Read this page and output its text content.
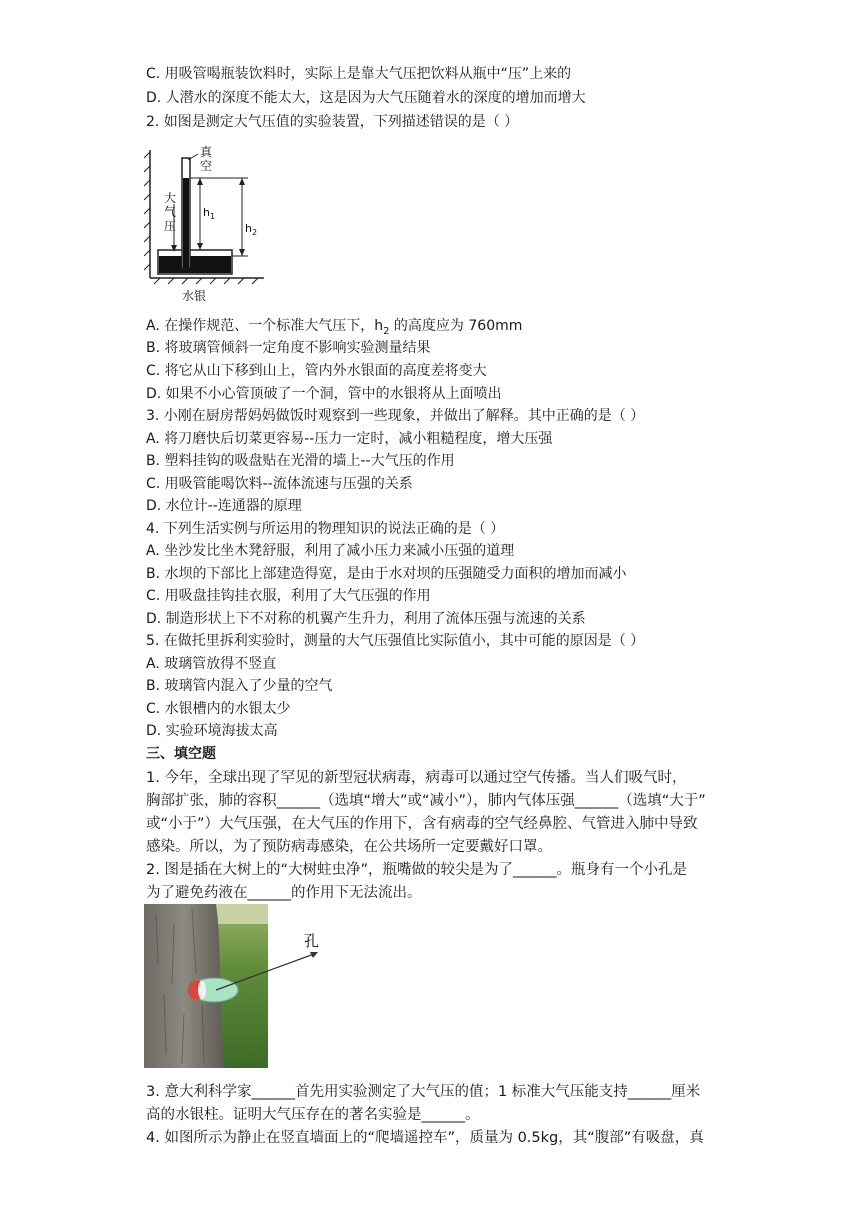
C. 用吸管喝瓶装饮料时，实际上是靠大气压把饮料从瓶中“压”上来的
D. 人潜水的深度不能太大，这是因为大气压随着水的深度的增加而增大
2. 如图是测定大气压值的实验装置，下列描述错误的是（ ）
真
空
大
气
压
h 1
h 2
水银
A. 在操作规范、一个标准大气压下，$h_2$ 的高度应为 760mm
B. 将玻璃管倾斜一定角度不影响实验测量结果
C. 将它从山下移到山上，管内外水银面的高度差将变大
D. 如果不小心管顶破了一个洞，管中的水银将从上面喷出
3. 小刚在厨房帮妈妈做饭时观察到一些现象，并做出了解释。其中正确的是（ ）
A. 将刀磨快后切菜更容易--压力一定时，减小粗糙程度，增大压强
B. 塑料挂钩的吸盘贴在光滑的墙上--大气压的作用
C. 用吸管能喝饮料--流体流速与压强的关系
D. 水位计--连通器的原理
4. 下列生活实例与所运用的物理知识的说法正确的是（ ）
A. 坐沙发比坐木凳舒服，利用了减小压力来减小压强的道理
B. 水坝的下部比上部建造得宽，是由于水对坝的压强随受力面积的增加而减小
C. 用吸盘挂钩挂衣服，利用了大气压强的作用
D. 制造形状上下不对称的机翼产生升力，利用了流体压强与流速的关系
5. 在做托里拆利实验时，测量的大气压强值比实际值小，其中可能的原因是（ ）
A. 玻璃管放得不竖直
B. 玻璃管内混入了少量的空气
C. 水银槽内的水银太少
D. 实验环境海拔太高
三、填空题
1. 今年，全球出现了罕见的新型冠状病毒，病毒可以通过空气传播。当人们吸气时，
胸部扩张，肺的容积______（选填“增大”或“减小”），肺内气体压强______（选填“大于”
或“小于”）大气压强，在大气压的作用下，含有病毒的空气经鼻腔、气管进入肺中导致
感染。所以，为了预防病毒感染，在公共场所一定要戴好口罩。
2. 图是插在大树上的“大树蛀虫净”，瓶嘴做的较尖是为了______。瓶身有一个小孔是
为了避免药液在______的作用下无法流出。
孔
3. 意大利科学家______首先用实验测定了大气压的值；1 标准大气压能支持______厘米
高的水银柱。证明大气压存在的著名实验是______。
4. 如图所示为静止在竖直墙面上的“爬墙遥控车”，质量为 0.5kg，其“腹部”有吸盘，真
